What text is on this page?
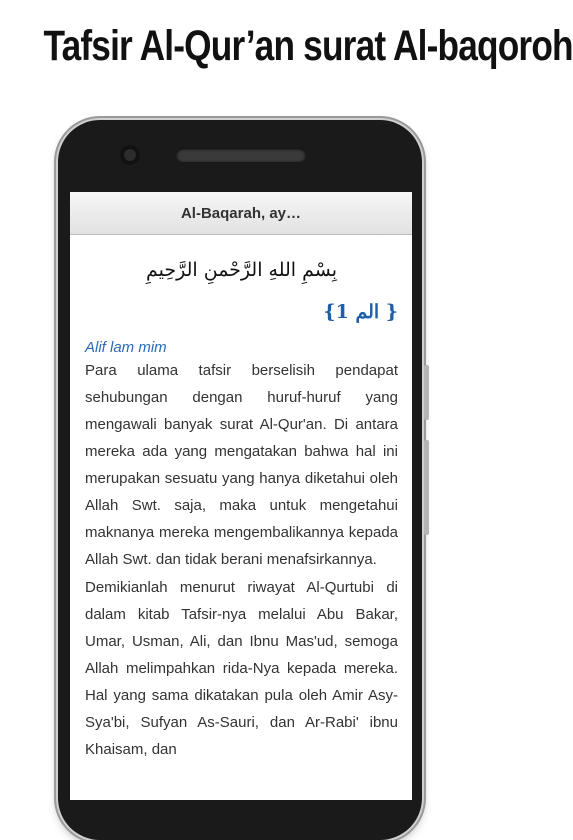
Tafsir Al-Qur’an surat Al-baqoroh
Al-Baqarah, ay…
بِسْمِ اللهِ الرَّحْمنِ الرَّحِيمِ
{ الم 1}
Alif lam mim

Para ulama tafsir berselisih pendapat sehubungan dengan huruf-huruf yang mengawali banyak surat Al-Qur'an. Di antara mereka ada yang mengatakan bahwa hal ini merupakan sesuatu yang hanya diketahui oleh Allah Swt. saja, maka untuk mengetahui maknanya mereka mengembalikannya kepada Allah Swt. dan tidak berani menafsirkannya.

Demikianlah menurut riwayat Al-Qurtubi di dalam kitab Tafsir-nya melalui Abu Bakar, Umar, Usman, Ali, dan Ibnu Mas'ud, semoga Allah melimpahkan rida-Nya kepada mereka. Hal yang sama dikatakan pula oleh Amir Asy-Sya'bi, Sufyan As-Sauri, dan Ar-Rabi' ibnu Khaisam, dan
